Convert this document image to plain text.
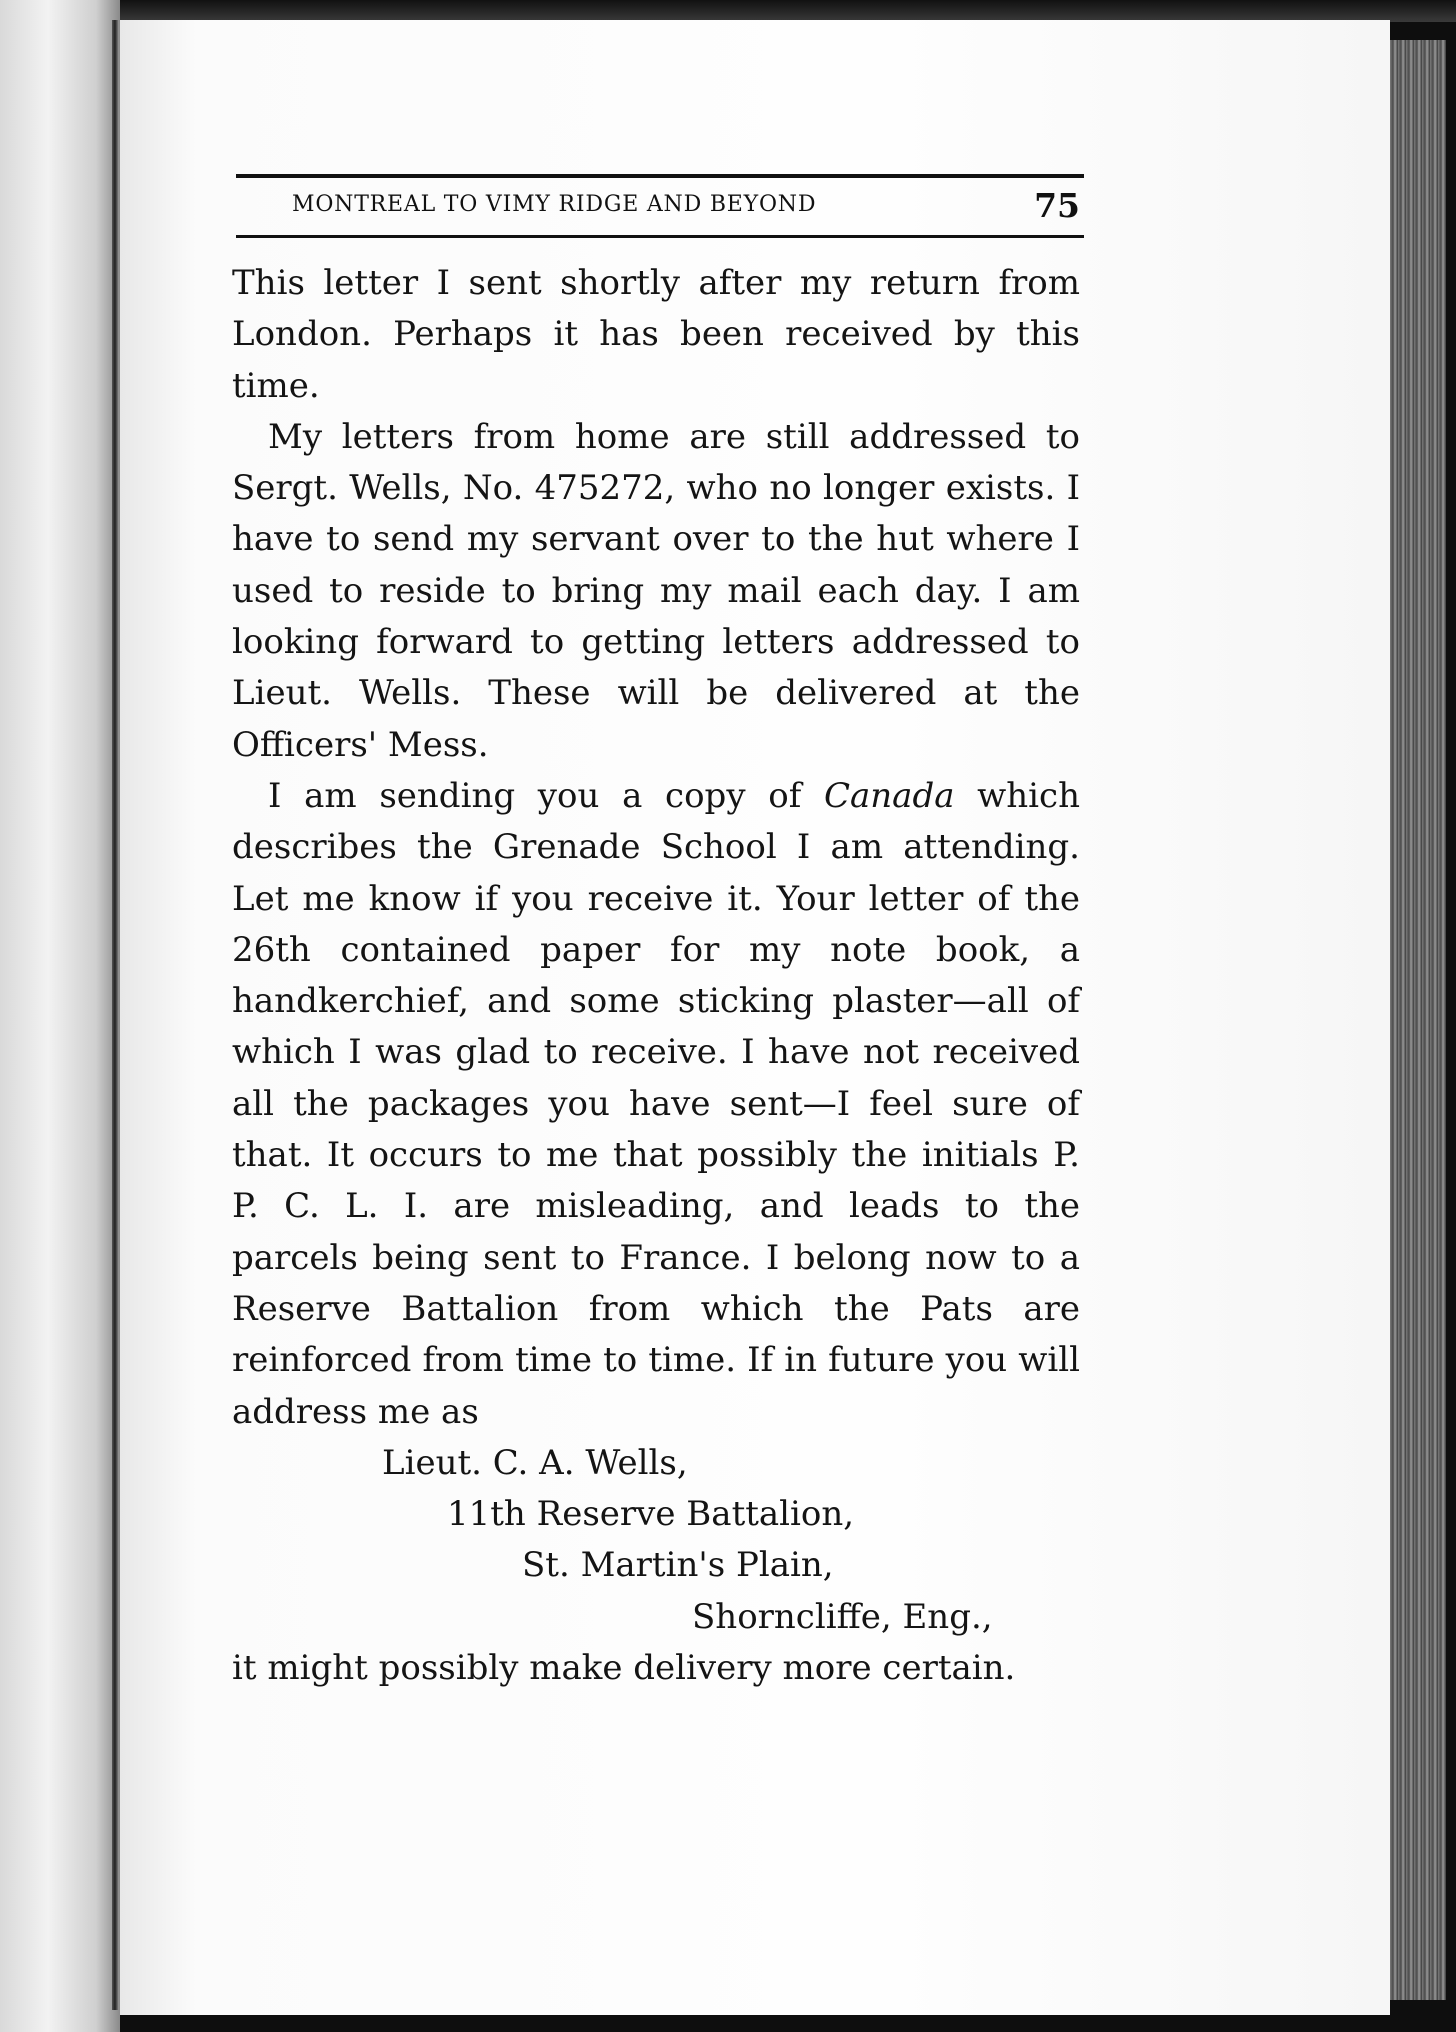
MONTREAL TO VIMY RIDGE AND BEYOND	75

This letter I sent shortly after my return from London. Perhaps it has been received by this time.

My letters from home are still addressed to Sergt. Wells, No. 475272, who no longer exists. I have to send my servant over to the hut where I used to reside to bring my mail each day. I am looking forward to getting letters addressed to Lieut. Wells. These will be delivered at the Officers' Mess.

I am sending you a copy of Canada which describes the Grenade School I am attending. Let me know if you receive it. Your letter of the 26th contained paper for my note book, a handkerchief, and some sticking plaster—all of which I was glad to receive. I have not received all the packages you have sent—I feel sure of that. It occurs to me that possibly the initials P. P. C. L. I. are misleading, and leads to the parcels being sent to France. I belong now to a Reserve Battalion from which the Pats are reinforced from time to time. If in future you will address me as

Lieut. C. A. Wells,
11th Reserve Battalion,
St. Martin's Plain,
Shorncliffe, Eng.,

it might possibly make delivery more certain.
